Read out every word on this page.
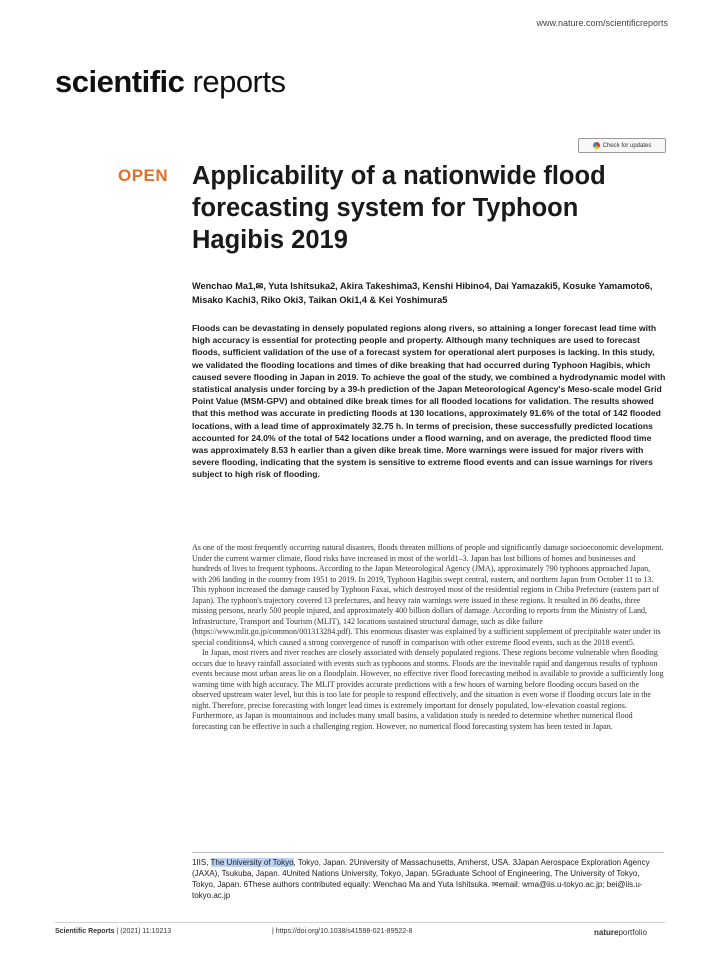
www.nature.com/scientificreports
scientific reports
Check for updates
OPEN Applicability of a nationwide flood forecasting system for Typhoon Hagibis 2019
Wenchao Ma1,✉, Yuta Ishitsuka2, Akira Takeshima3, Kenshi Hibino4, Dai Yamazaki5, Kosuke Yamamoto6, Misako Kachi3, Riko Oki3, Taikan Oki1,4 & Kei Yoshimura5

Floods can be devastating in densely populated regions along rivers, so attaining a longer forecast lead time with high accuracy is essential for protecting people and property. Although many techniques are used to forecast floods, sufficient validation of the use of a forecast system for operational alert purposes is lacking. In this study, we validated the flooding locations and times of dike breaking that had occurred during Typhoon Hagibis, which caused severe flooding in Japan in 2019. To achieve the goal of the study, we combined a hydrodynamic model with statistical analysis under forcing by a 39-h prediction of the Japan Meteorological Agency's Meso-scale model Grid Point Value (MSM-GPV) and obtained dike break times for all flooded locations for validation. The results showed that this method was accurate in predicting floods at 130 locations, approximately 91.6% of the total of 142 flooded locations, with a lead time of approximately 32.75 h. In terms of precision, these successfully predicted locations accounted for 24.0% of the total of 542 locations under a flood warning, and on average, the predicted flood time was approximately 8.53 h earlier than a given dike break time. More warnings were issued for major rivers with severe flooding, indicating that the system is sensitive to extreme flood events and can issue warnings for rivers subject to high risk of flooding.

As one of the most frequently occurring natural disasters, floods threaten millions of people and significantly damage socioeconomic development. Under the current warmer climate, flood risks have increased in most of the world1–3. Japan has lost billions of homes and businesses and hundreds of lives to frequent typhoons. According to the Japan Meteorological Agency (JMA), approximately 790 typhoons approached Japan, with 206 landing in the country from 1951 to 2019. In 2019, Typhoon Hagibis swept central, eastern, and northern Japan from October 11 to 13. This typhoon increased the damage caused by Typhoon Faxai, which destroyed most of the residential regions in Chiba Prefecture (eastern part of Japan). The typhoon's trajectory covered 13 prefectures, and heavy rain warnings were issued in these regions. It resulted in 86 deaths, three missing persons, nearly 500 people injured, and approximately 400 billion dollars of damage. According to reports from the Ministry of Land, Infrastructure, Transport and Tourism (MLIT), 142 locations sustained structural damage, such as dike failure (https://www.mlit.go.jp/common/001313284.pdf). This enormous disaster was explained by a sufficient supplement of precipitable water under its special conditions4, which caused a strong convergence of runoff in comparison with other extreme flood events, such as the 2018 event5.

In Japan, most rivers and river reaches are closely associated with densely populated regions. These regions become vulnerable when flooding occurs due to heavy rainfall associated with events such as typhoons and storms. Floods are the inevitable rapid and dangerous results of typhoon events because most urban areas lie on a floodplain. However, no effective river flood forecasting method is available to provide a sufficiently long warning time with high accuracy. The MLIT provides accurate predictions with a few hours of warning before flooding occurs based on the observed upstream water level, but this is too late for people to respond effectively, and the situation is even worse if flooding occurs late in the night. Therefore, precise forecasting with longer lead times is extremely important for densely populated, low-elevation coastal regions. Furthermore, as Japan is mountainous and includes many small basins, a validation study is needed to determine whether numerical flood forecasting can be effective in such a challenging region. However, no numerical flood forecasting system has been tested in Japan.

1IIS, The University of Tokyo, Tokyo, Japan. 2University of Massachusetts, Amherst, USA. 3Japan Aerospace Exploration Agency (JAXA), Tsukuba, Japan. 4United Nations University, Tokyo, Japan. 5Graduate School of Engineering, The University of Tokyo, Tokyo, Japan. 6These authors contributed equally: Wenchao Ma and Yuta Ishitsuka. ✉email: wma@iis.u-tokyo.ac.jp; bei@iis.u-tokyo.ac.jp
Scientific Reports | (2021) 11:10213	| https://doi.org/10.1038/s41598-021-89522-8	natureportfolio
